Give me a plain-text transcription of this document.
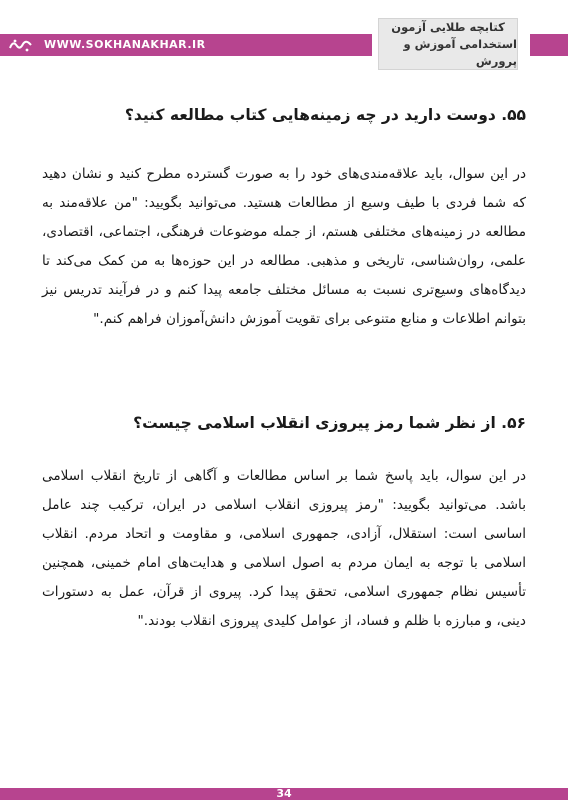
WWW.SOKHANAKHAR.IR
کتابچه طلایی آزمون
استخدامی آموزش و پرورش
۵۵. دوست دارید در چه زمینه‌هایی کتاب مطالعه کنید؟

در این سوال، باید علاقه‌مندی‌های خود را به صورت گسترده مطرح کنید و نشان دهید که شما فردی با طیف وسیع از مطالعات هستید. می‌توانید بگویید: "من علاقه‌مند به مطالعه در زمینه‌های مختلفی هستم، از جمله موضوعات فرهنگی، اجتماعی، اقتصادی، علمی، روان‌شناسی، تاریخی و مذهبی. مطالعه در این حوزه‌ها به من کمک می‌کند تا دیدگاه‌های وسیع‌تری نسبت به مسائل مختلف جامعه پیدا کنم و در فرآیند تدریس نیز بتوانم اطلاعات و منابع متنوعی برای تقویت آموزش دانش‌آموزان فراهم کنم."

۵۶. از نظر شما رمز پیروزی انقلاب اسلامی چیست؟

در این سوال، باید پاسخ شما بر اساس مطالعات و آگاهی از تاریخ انقلاب اسلامی باشد. می‌توانید بگویید: "رمز پیروزی انقلاب اسلامی در ایران، ترکیب چند عامل اساسی است: استقلال، آزادی، جمهوری اسلامی، و مقاومت و اتحاد مردم. انقلاب اسلامی با توجه به ایمان مردم به اصول اسلامی و هدایت‌های امام خمینی، همچنین تأسیس نظام جمهوری اسلامی، تحقق پیدا کرد. پیروی از قرآن، عمل به دستورات دینی، و مبارزه با ظلم و فساد، از عوامل کلیدی پیروزی انقلاب بودند."

34
